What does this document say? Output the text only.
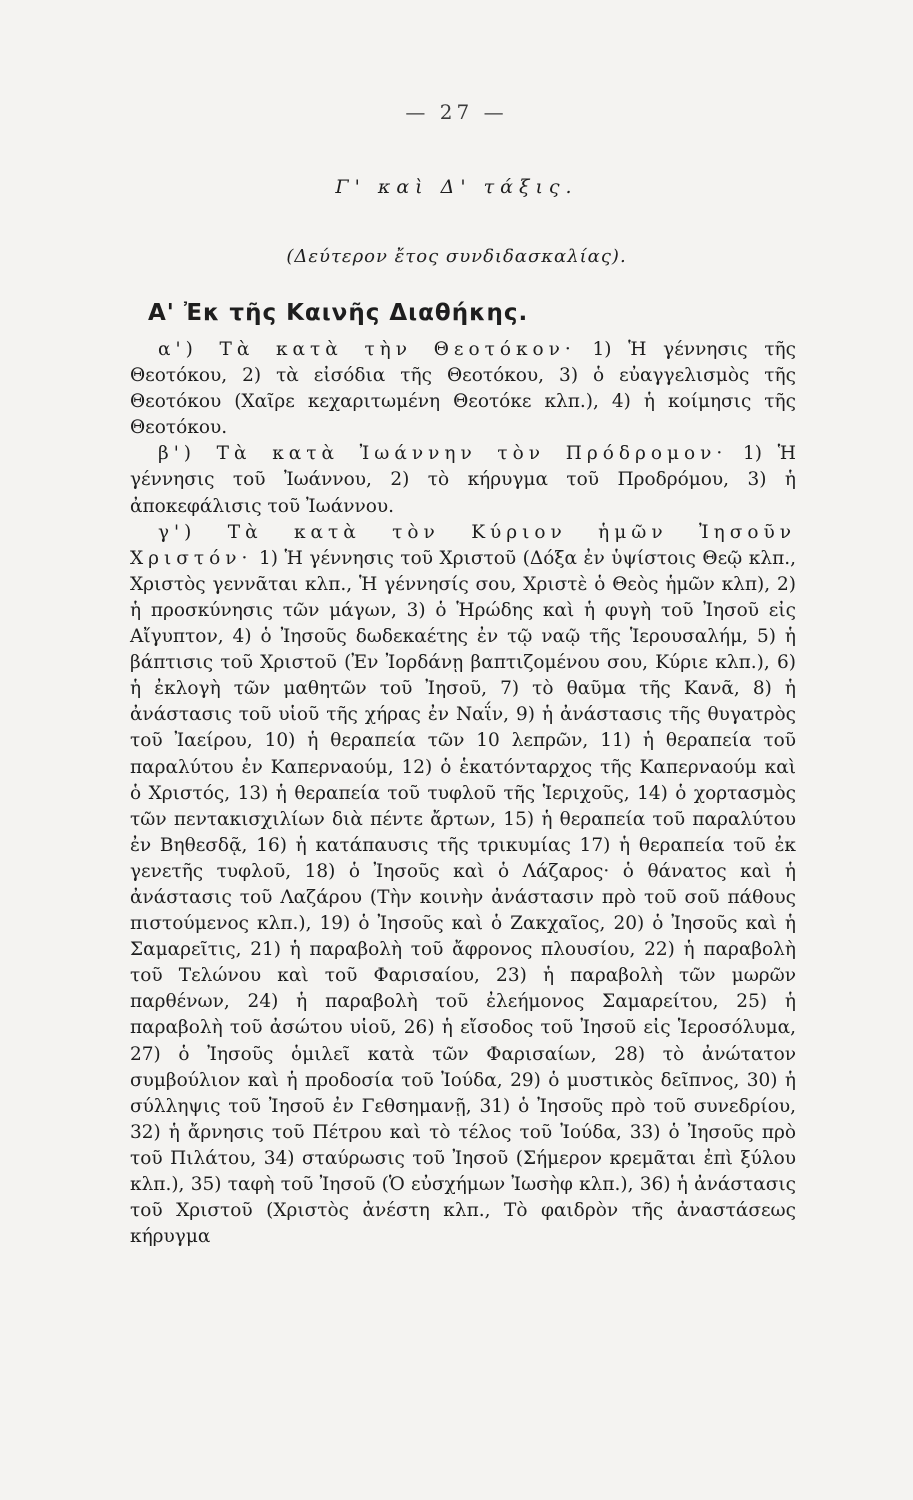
— 27 —
Γ' καὶ Δ' τάξις.
(Δεύτερον ἔτος συνδιδασκαλίας).
Α' Ἐκ τῆς Καινῆς Διαθήκης.

α') Τὰ κατὰ τὴν Θεοτόκον· 1) Ἡ γέννησις τῆς Θεοτόκου, 2) τὰ εἰσόδια τῆς Θεοτόκου, 3) ὁ εὐαγγελισμὸς τῆς Θεοτόκου (Χαῖρε κεχαριτωμένη Θεοτόκε κλπ.), 4) ἡ κοίμησις τῆς Θεοτόκου.

β') Τὰ κατὰ Ἰωάννην τὸν Πρόδρομον· 1) Ἡ γέννησις τοῦ Ἰωάννου, 2) τὸ κήρυγμα τοῦ Προδρόμου, 3) ἡ ἀποκεφάλισις τοῦ Ἰωάννου.

γ') Τὰ κατὰ τὸν Κύριον ἡμῶν Ἰησοῦν Χριστόν· 1) Ἡ γέννησις τοῦ Χριστοῦ (Δόξα ἐν ὑψίστοις Θεῷ κλπ., Χριστὸς γεννᾶται κλπ., Ἡ γέννησίς σου, Χριστὲ ὁ Θεὸς ἡμῶν κλπ), 2) ἡ προσκύνησις τῶν μάγων, 3) ὁ Ἡρώδης καὶ ἡ φυγὴ τοῦ Ἰησοῦ εἰς Αἴγυπτον, 4) ὁ Ἰησοῦς δωδεκαέτης ἐν τῷ ναῷ τῆς Ἱερουσαλήμ, 5) ἡ βάπτισις τοῦ Χριστοῦ (Ἐν Ἰορδάνῃ βαπτιζομένου σου, Κύριε κλπ.), 6) ἡ ἐκλογὴ τῶν μαθητῶν τοῦ Ἰησοῦ, 7) τὸ θαῦμα τῆς Κανᾶ, 8) ἡ ἀνάστασις τοῦ υἱοῦ τῆς χήρας ἐν Ναΐν, 9) ἡ ἀνάστασις τῆς θυγατρὸς τοῦ Ἰαείρου, 10) ἡ θεραπεία τῶν 10 λεπρῶν, 11) ἡ θεραπεία τοῦ παραλύτου ἐν Καπερναούμ, 12) ὁ ἑκατόνταρχος τῆς Καπερναούμ καὶ ὁ Χριστός, 13) ἡ θεραπεία τοῦ τυφλοῦ τῆς Ἱεριχοῦς, 14) ὁ χορτασμὸς τῶν πεντακισχιλίων διὰ πέντε ἄρτων, 15) ἡ θεραπεία τοῦ παραλύτου ἐν Βηθεσδᾷ, 16) ἡ κατάπαυσις τῆς τρικυμίας 17) ἡ θεραπεία τοῦ ἐκ γενετῆς τυφλοῦ, 18) ὁ Ἰησοῦς καὶ ὁ Λάζαρος· ὁ θάνατος καὶ ἡ ἀνάστασις τοῦ Λαζάρου (Τὴν κοινὴν ἀνάστασιν πρὸ τοῦ σοῦ πάθους πιστούμενος κλπ.), 19) ὁ Ἰησοῦς καὶ ὁ Ζακχαῖος, 20) ὁ Ἰησοῦς καὶ ἡ Σαμαρεῖτις, 21) ἡ παραβολὴ τοῦ ἄφρονος πλουσίου, 22) ἡ παραβολὴ τοῦ Τελώνου καὶ τοῦ Φαρισαίου, 23) ἡ παραβολὴ τῶν μωρῶν παρθένων, 24) ἡ παραβολὴ τοῦ ἐλεήμονος Σαμαρείτου, 25) ἡ παραβολὴ τοῦ ἀσώτου υἱοῦ, 26) ἡ εἴσοδος τοῦ Ἰησοῦ εἰς Ἱεροσόλυμα, 27) ὁ Ἰησοῦς ὁμιλεῖ κατὰ τῶν Φαρισαίων, 28) τὸ ἀνώτατον συμβούλιον καὶ ἡ προδοσία τοῦ Ἰούδα, 29) ὁ μυστικὸς δεῖπνος, 30) ἡ σύλληψις τοῦ Ἰησοῦ ἐν Γεθσημανῇ, 31) ὁ Ἰησοῦς πρὸ τοῦ συνεδρίου, 32) ἡ ἄρνησις τοῦ Πέτρου καὶ τὸ τέλος τοῦ Ἰούδα, 33) ὁ Ἰησοῦς πρὸ τοῦ Πιλάτου, 34) σταύρωσις τοῦ Ἰησοῦ (Σήμερον κρεμᾶται ἐπὶ ξύλου κλπ.), 35) ταφὴ τοῦ Ἰησοῦ (Ὁ εὐσχήμων Ἰωσὴφ κλπ.), 36) ἡ ἀνάστασις τοῦ Χριστοῦ (Χριστὸς ἀνέστη κλπ., Τὸ φαιδρὸν τῆς ἀναστάσεως κήρυγμα
